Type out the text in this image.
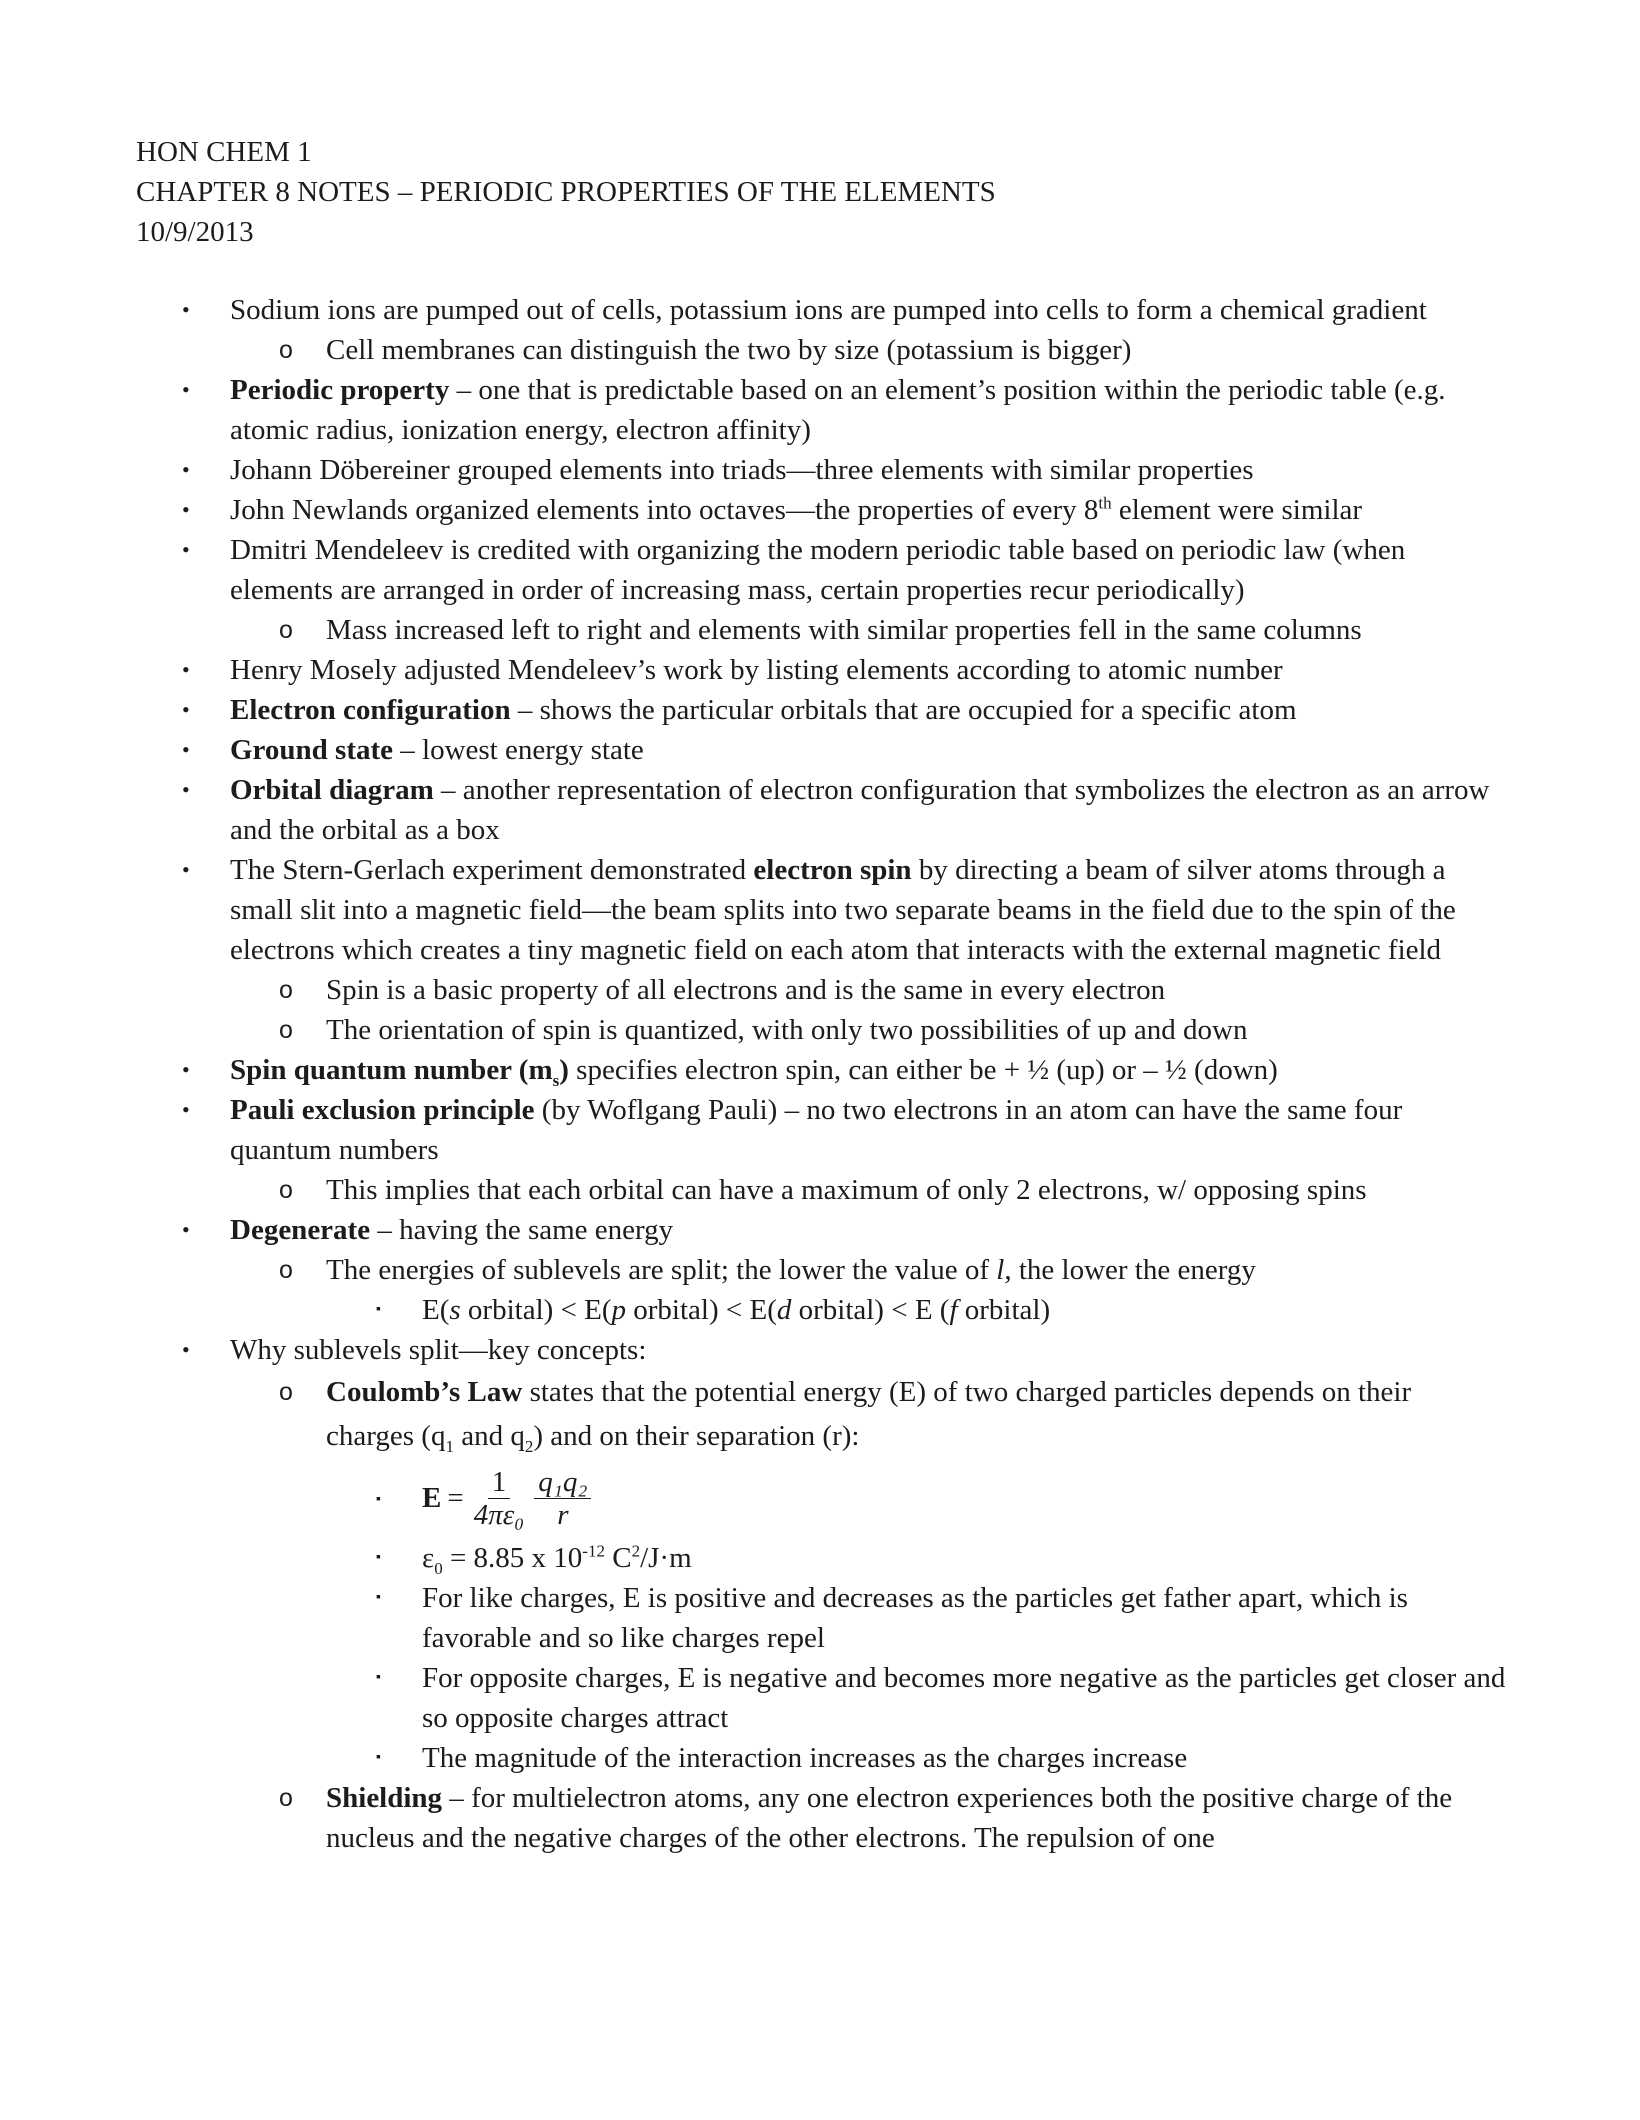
HON CHEM 1
CHAPTER 8 NOTES – PERIODIC PROPERTIES OF THE ELEMENTS
10/9/2013
• Sodium ions are pumped out of cells, potassium ions are pumped into cells to form a chemical gradient
o Cell membranes can distinguish the two by size (potassium is bigger)
• Periodic property – one that is predictable based on an element’s position within the periodic table (e.g. atomic radius, ionization energy, electron affinity)
• Johann Döbereiner grouped elements into triads—three elements with similar properties
• John Newlands organized elements into octaves—the properties of every 8th element were similar
• Dmitri Mendeleev is credited with organizing the modern periodic table based on periodic law (when elements are arranged in order of increasing mass, certain properties recur periodically)
o Mass increased left to right and elements with similar properties fell in the same columns
• Henry Mosely adjusted Mendeleev’s work by listing elements according to atomic number
• Electron configuration – shows the particular orbitals that are occupied for a specific atom
• Ground state – lowest energy state
• Orbital diagram – another representation of electron configuration that symbolizes the electron as an arrow and the orbital as a box
• The Stern-Gerlach experiment demonstrated electron spin by directing a beam of silver atoms through a small slit into a magnetic field—the beam splits into two separate beams in the field due to the spin of the electrons which creates a tiny magnetic field on each atom that interacts with the external magnetic field
o Spin is a basic property of all electrons and is the same in every electron
o The orientation of spin is quantized, with only two possibilities of up and down
• Spin quantum number $(m_s)$ specifies electron spin, can either be + ½ (up) or – ½ (down)
• Pauli exclusion principle (by Woflgang Pauli) – no two electrons in an atom can have the same four quantum numbers
o This implies that each orbital can have a maximum of only 2 electrons, w/ opposing spins
• Degenerate – having the same energy
o The energies of sublevels are split; the lower the value of l, the lower the energy
▪ E(s orbital) < E(p orbital) < E(d orbital) < E (f orbital)
• Why sublevels split—key concepts:
o Coulomb’s Law states that the potential energy (E) of two charged particles depends on their charges ($q_1$ and $q_2$) and on their separation (r):
▪ $E = \frac{1}{\text{4πε₀}} \frac{\text{q₁q₂}}{r}$
▪ $\varepsilon_0 = 8.85$ x $10^{-12}$ $C^2/J\cdot m$
▪ For like charges, E is positive and decreases as the particles get father apart, which is favorable and so like charges repel
▪ For opposite charges, E is negative and becomes more negative as the particles get closer and so opposite charges attract
▪ The magnitude of the interaction increases as the charges increase
o Shielding – for multielectron atoms, any one electron experiences both the positive charge of the nucleus and the negative charges of the other electrons. The repulsion of one
